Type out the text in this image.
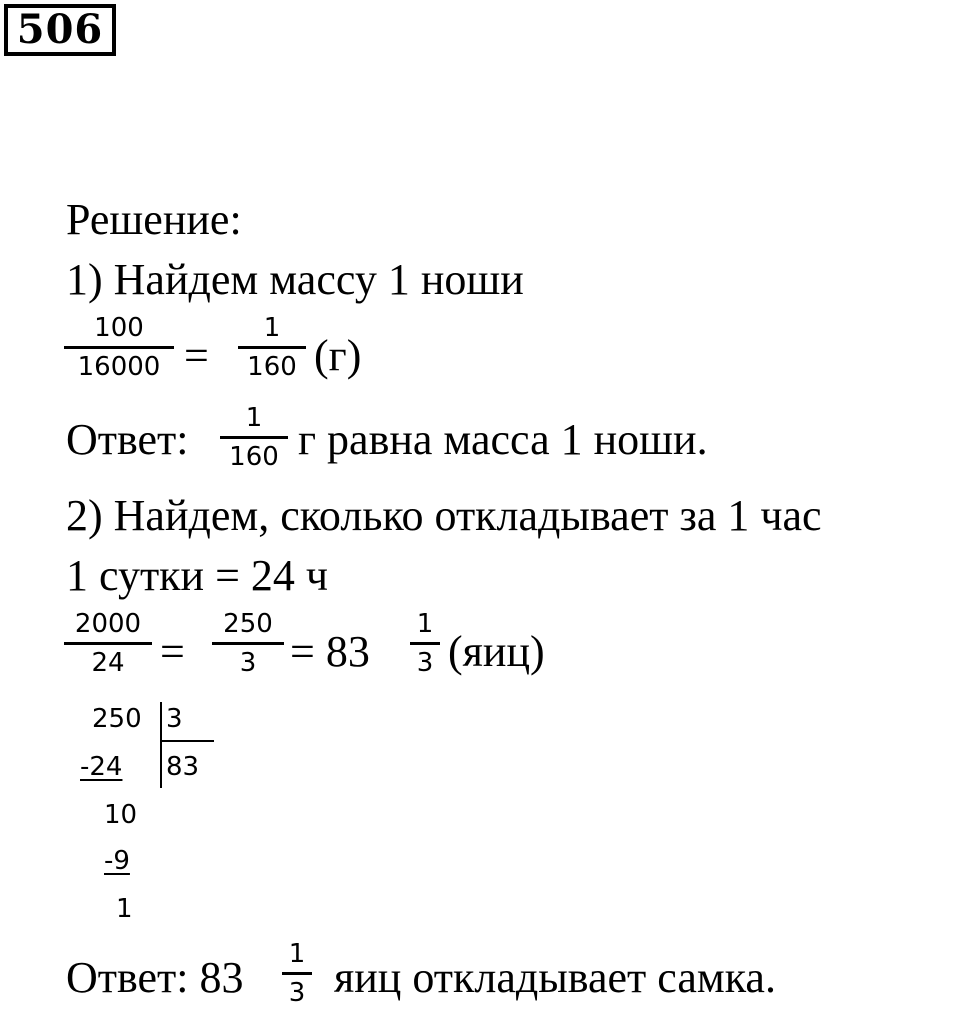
506
Решение:
1) Найдем массу 1 ноши
100
16000 =
1
160 (г)
Ответ:	1
160 г равна масса 1 ноши.
2) Найдем, сколько откладывает за 1 час
1 сутки = 24 ч
2000
24 =
250
3 = 83
1
3 (яиц)
250 3
83
-24
10
-9
1
Ответ: 83 1
3 яиц откладывает самка.
